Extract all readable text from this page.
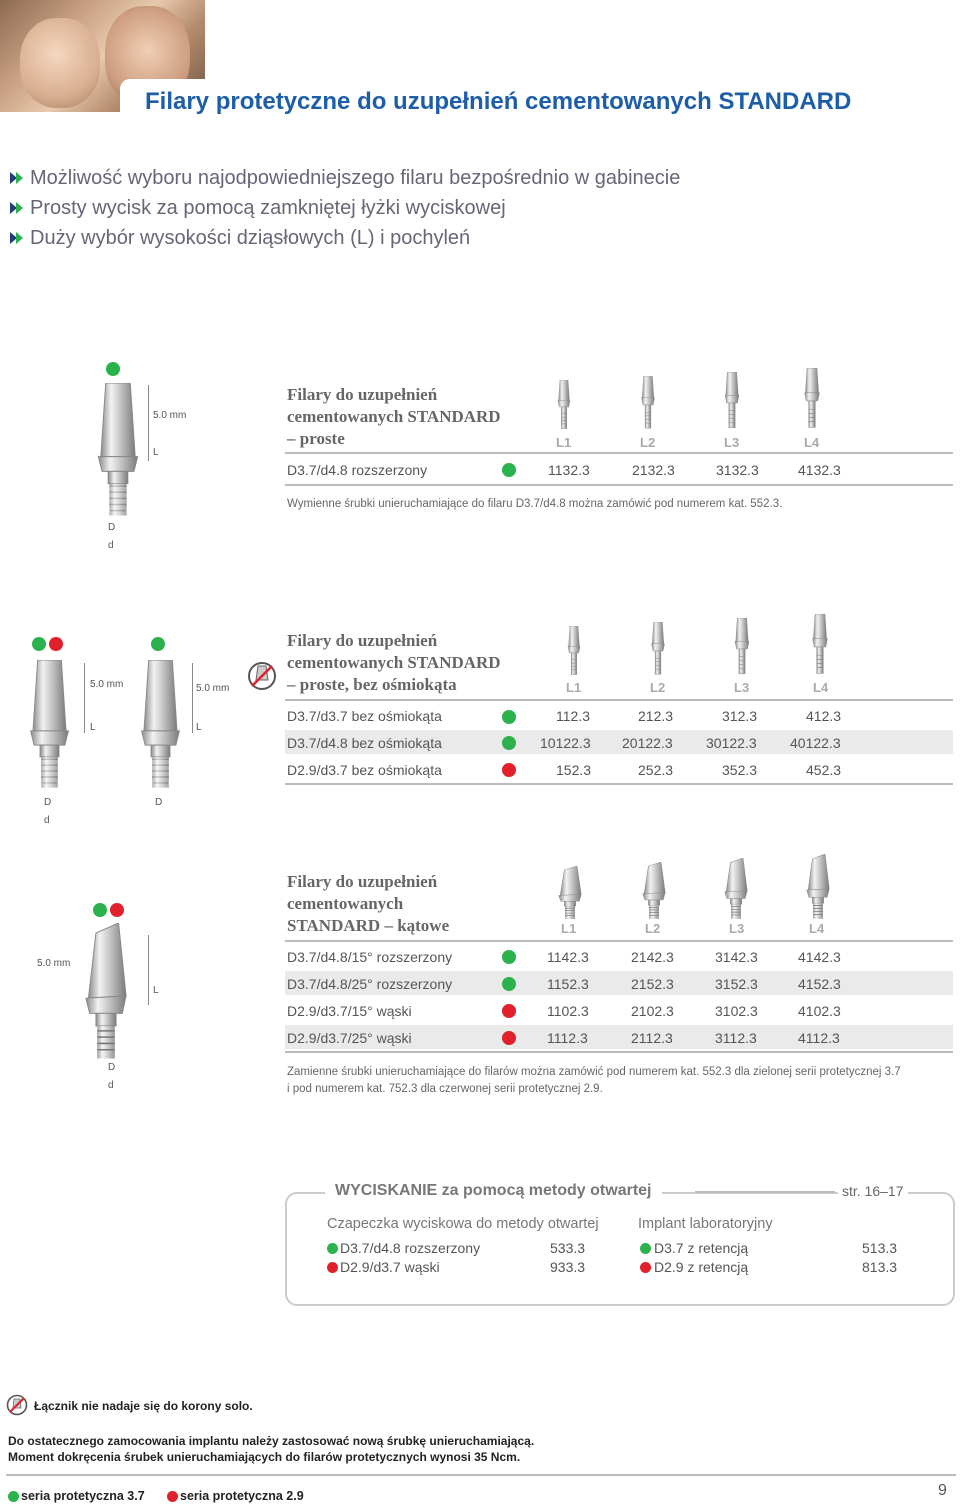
Filary protetyczne do uzupełnień cementowanych STANDARD
Możliwość wyboru najodpowiedniejszego filaru bezpośrednio w gabinecie
Prosty wycisk za pomocą zamkniętej łyżki wyciskowej
Duży wybór wysokości dziąsłowych (L) i pochyleń
5.0 mm
L
D
d
Filary do uzupełnień
cementowanych STANDARD
– proste	L1	L2	L3	L4
D3.7/d4.8 rozszerzony	1132.3	2132.3	3132.3	4132.3
Wymienne śrubki unieruchamiające do filaru D3.7/d4.8 można zamówić pod numerem kat. 552.3.
5.0 mm	5.0 mm
L	L
D	D
d
Filary do uzupełnień
cementowanych STANDARD
– proste, bez ośmiokąta	L1	L2	L3	L4
D3.7/d3.7 bez ośmiokąta	112.3	212.3	312.3	412.3
D3.7/d4.8 bez ośmiokąta	10122.3 20122.3 30122.3 40122.3
D2.9/d3.7 bez ośmiokąta	152.3	252.3	352.3	452.3
5.0 mm
L
D
d
Filary do uzupełnień
cementowanych
STANDARD – kątowe	L1	L2	L3	L4
D3.7/d4.8/15° rozszerzony	1142.3	2142.3	3142.3	4142.3
D3.7/d4.8/25° rozszerzony	1152.3	2152.3	3152.3	4152.3
D2.9/d3.7/15° wąski	1102.3	2102.3	3102.3	4102.3
D2.9/d3.7/25° wąski	1112.3	2112.3	3112.3	4112.3
Zamienne śrubki unieruchamiające do filarów można zamówić pod numerem kat. 552.3 dla zielonej serii protetycznej 3.7
i pod numerem kat. 752.3 dla czerwonej serii protetycznej 2.9.
WYCISKANIE za pomocą metody otwartej	str. 16–17
Czapeczka wyciskowa do metody otwartej	Implant laboratoryjny
D3.7/d4.8 rozszerzony	533.3
D2.9/d3.7 wąski	933.3
D3.7 z retencją	513.3
D2.9 z retencją	813.3
Łącznik nie nadaje się do korony solo.
Do ostatecznego zamocowania implantu należy zastosować nową śrubkę unieruchamiającą.
Moment dokręcenia śrubek unieruchamiających do filarów protetycznych wynosi 35 Ncm.
seria protetyczna 3.7	seria protetyczna 2.9	9
